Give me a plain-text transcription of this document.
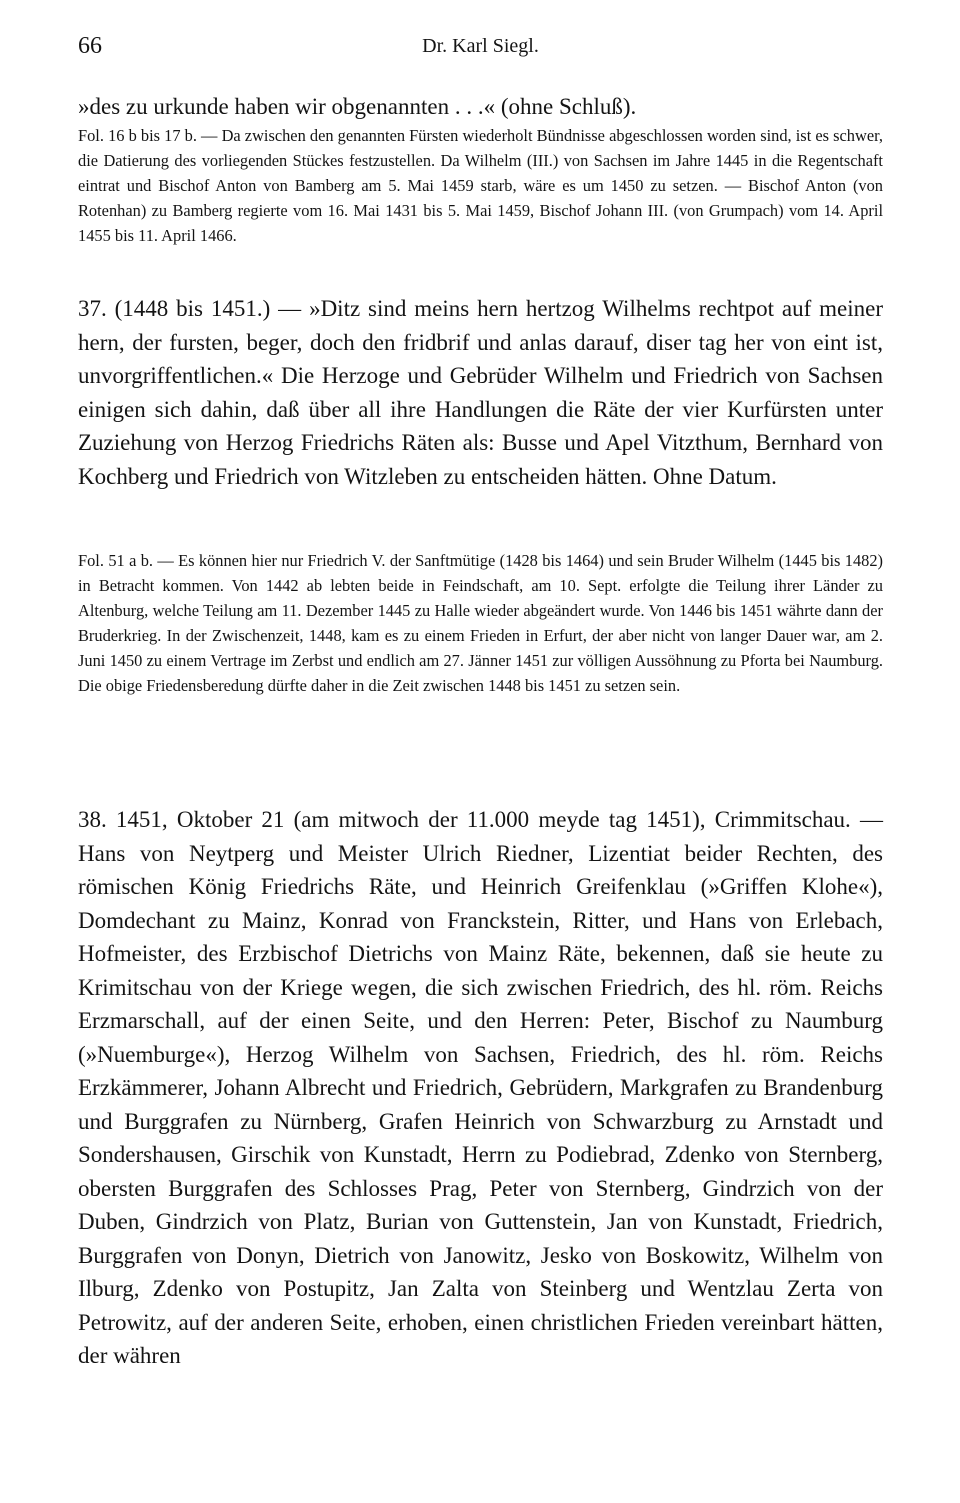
66	Dr. Karl Siegl.

»des zu urkunde haben wir obgenannten . . .« (ohne Schluß).

Fol. 16 b bis 17 b. — Da zwischen den genannten Fürsten wiederholt Bündnisse abgeschlossen worden sind, ist es schwer, die Datierung des vorliegenden Stückes festzustellen. Da Wilhelm (III.) von Sachsen im Jahre 1445 in die Regentschaft eintrat und Bischof Anton von Bamberg am 5. Mai 1459 starb, wäre es um 1450 zu setzen. — Bischof Anton (von Rotenhan) zu Bamberg regierte vom 16. Mai 1431 bis 5. Mai 1459, Bischof Johann III. (von Grumpach) vom 14. April 1455 bis 11. April 1466.

37. (1448 bis 1451.) — »Ditz sind meins hern hertzog Wilhelms rechtpot auf meiner hern, der fursten, beger, doch den fridbrif und anlas darauf, diser tag her von eint ist, unvorgriffentlichen.« Die Herzoge und Gebrüder Wilhelm und Friedrich von Sachsen einigen sich dahin, daß über all ihre Handlungen die Räte der vier Kurfürsten unter Zuziehung von Herzog Friedrichs Räten als: Busse und Apel Vitzthum, Bernhard von Kochberg und Friedrich von Witzleben zu entscheiden hätten. Ohne Datum.

Fol. 51 a b. — Es können hier nur Friedrich V. der Sanftmütige (1428 bis 1464) und sein Bruder Wilhelm (1445 bis 1482) in Betracht kommen. Von 1442 ab lebten beide in Feindschaft, am 10. Sept. erfolgte die Teilung ihrer Länder zu Altenburg, welche Teilung am 11. Dezember 1445 zu Halle wieder abgeändert wurde. Von 1446 bis 1451 währte dann der Bruderkrieg. In der Zwischenzeit, 1448, kam es zu einem Frieden in Erfurt, der aber nicht von langer Dauer war, am 2. Juni 1450 zu einem Vertrage im Zerbst und endlich am 27. Jänner 1451 zur völligen Aussöhnung zu Pforta bei Naumburg. Die obige Friedensberedung dürfte daher in die Zeit zwischen 1448 bis 1451 zu setzen sein.

38. 1451, Oktober 21 (am mitwoch der 11.000 meyde tag 1451), Crimmitschau. — Hans von Neytperg und Meister Ulrich Riedner, Lizentiat beider Rechten, des römischen König Friedrichs Räte, und Heinrich Greifenklau (»Griffen Klohe«), Domdechant zu Mainz, Konrad von Franckstein, Ritter, und Hans von Erlebach, Hofmeister, des Erzbischof Dietrichs von Mainz Räte, bekennen, daß sie heute zu Krimitschau von der Kriege wegen, die sich zwischen Friedrich, des hl. röm. Reichs Erzmarschall, auf der einen Seite, und den Herren: Peter, Bischof zu Naumburg (»Nuemburge«), Herzog Wilhelm von Sachsen, Friedrich, des hl. röm. Reichs Erzkämmerer, Johann Albrecht und Friedrich, Gebrüdern, Markgrafen zu Brandenburg und Burggrafen zu Nürnberg, Grafen Heinrich von Schwarzburg zu Arnstadt und Sondershausen, Girschik von Kunstadt, Herrn zu Podiebrad, Zdenko von Sternberg, obersten Burggrafen des Schlosses Prag, Peter von Sternberg, Gindrzich von der Duben, Gindrzich von Platz, Burian von Guttenstein, Jan von Kunstadt, Friedrich, Burggrafen von Donyn, Dietrich von Janowitz, Jesko von Boskowitz, Wilhelm von Ilburg, Zdenko von Postupitz, Jan Zalta von Steinberg und Wentzlau Zerta von Petrowitz, auf der anderen Seite, erhoben, einen christlichen Frieden vereinbart hätten, der währen
